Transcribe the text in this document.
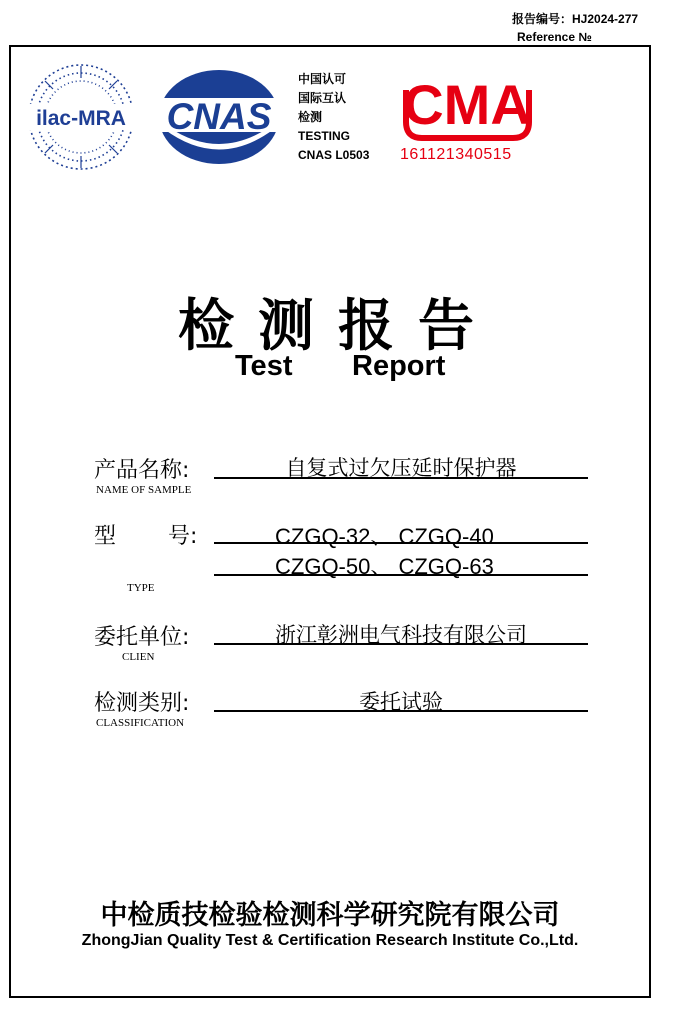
报告编号：HJ2024-277
Reference №
ilac-MRA CNAS
中国认可
国际互认
检测
TESTING
CNAS L0503
CMA
161121340515
检测报告
Test Report
产品名称:
NAME OF SAMPLE
自复式过欠压延时保护器
型 号:	CZGQ-32、 CZGQ-40
CZGQ-50、 CZGQ-63
TYPE
委托单位:
CLIEN
浙江彰洲电气科技有限公司
检测类别:
CLASSIFICATION
委托试验
中检质技检验检测科学研究院有限公司
ZhongJian Quality Test & Certification Research Institute Co.,Ltd.
